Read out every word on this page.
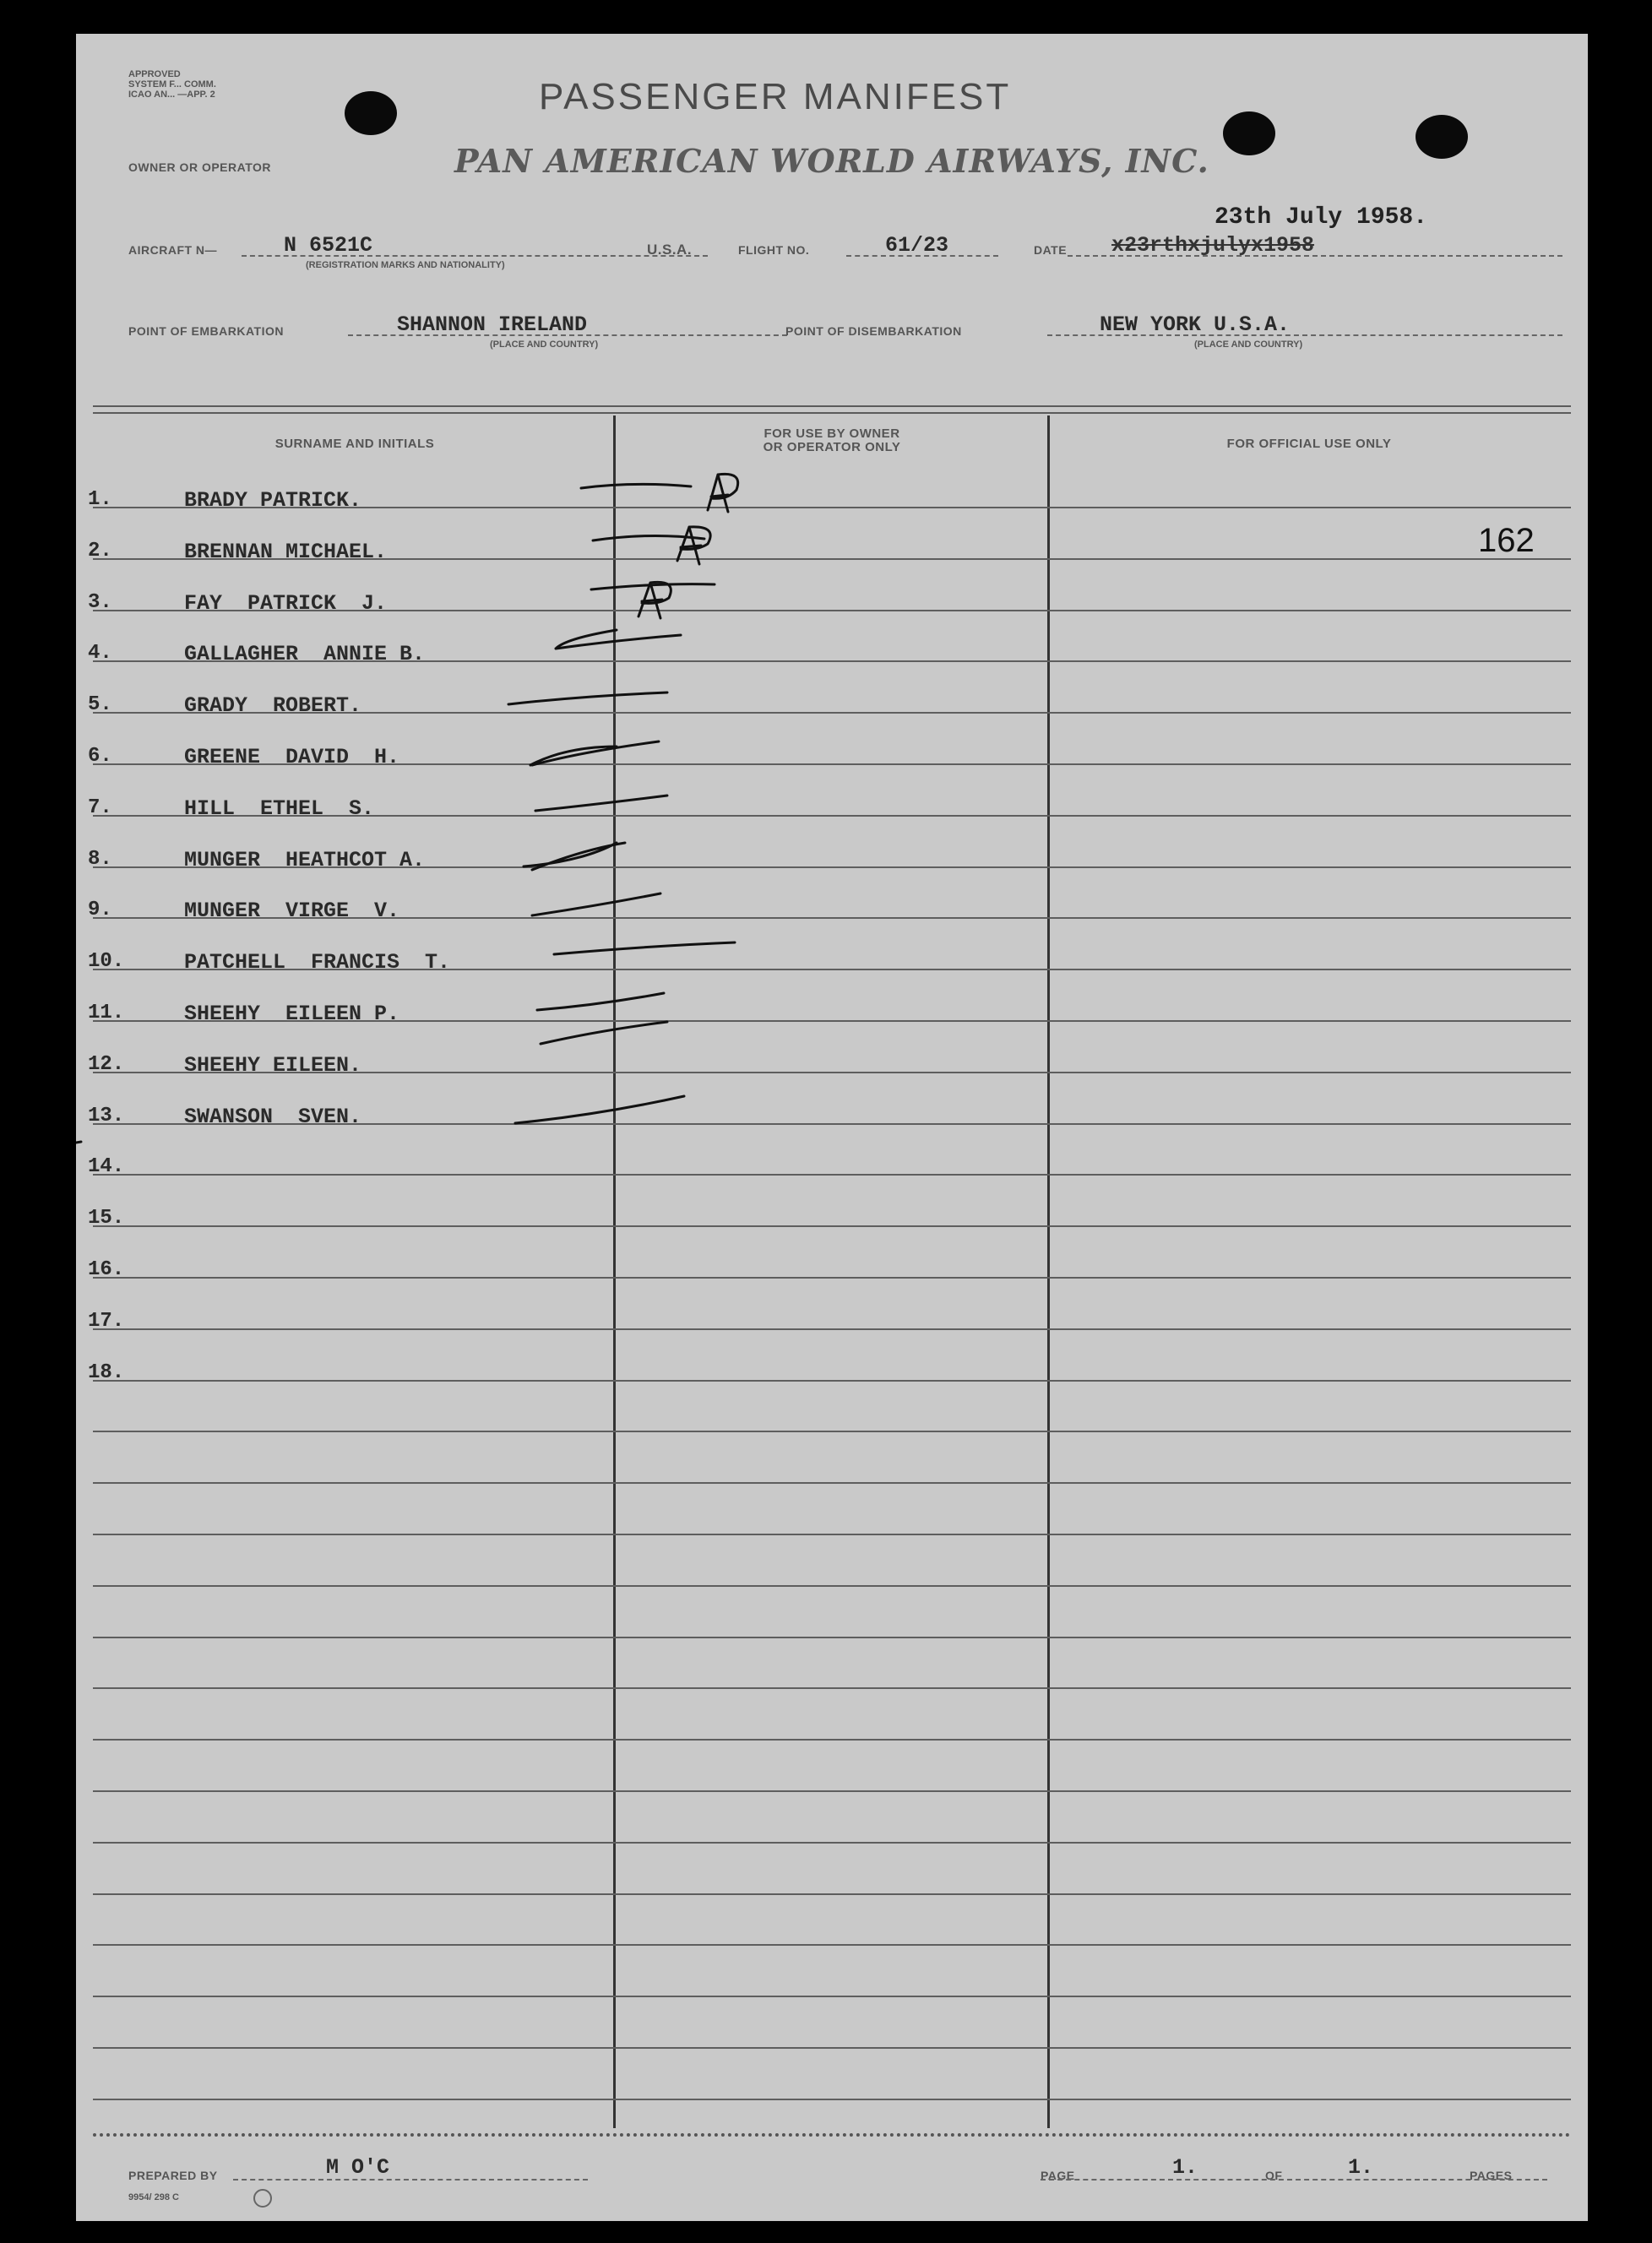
APPROVED
SYSTEM F... COMM.
ICAO AN... —APP. 2	PASSENGER MANIFEST
OWNER OR OPERATOR	PAN AMERICAN WORLD AIRWAYS, INC.
AIRCRAFT N—	N 6521C
(REGISTRATION MARKS AND NATIONALITY)
U.S.A.	FLIGHT NO.	61/23	DATE
23th July 1958.
x23rthxjulyx1958
POINT OF EMBARKATION	SHANNON IRELAND
(PLACE AND COUNTRY)
POINT OF DISEMBARKATION	NEW YORK U.S.A.
(PLACE AND COUNTRY)
SURNAME AND INITIALS
FOR USE BY OWNER
OR OPERATOR ONLY	FOR OFFICIAL USE ONLY
1.	BRADY PATRICK.
2.	BRENNAN MICHAEL.
3.	FAY  PATRICK  J.
4.	GALLAGHER  ANNIE B.
5.	GRADY  ROBERT.
6.	GREENE  DAVID  H.
7.	HILL  ETHEL  S.
8.	MUNGER  HEATHCOT A.
9.	MUNGER  VIRGE  V.
10.	PATCHELL  FRANCIS  T.
11.	SHEEHY  EILEEN P.
12.	SHEEHY EILEEN.
13.	SWANSON  SVEN.
14.
15.
16.
17.
18.
162
PREPARED BY	M O'C
9954/ 298 C
PAGE	1.	OF	1.	PAGES
